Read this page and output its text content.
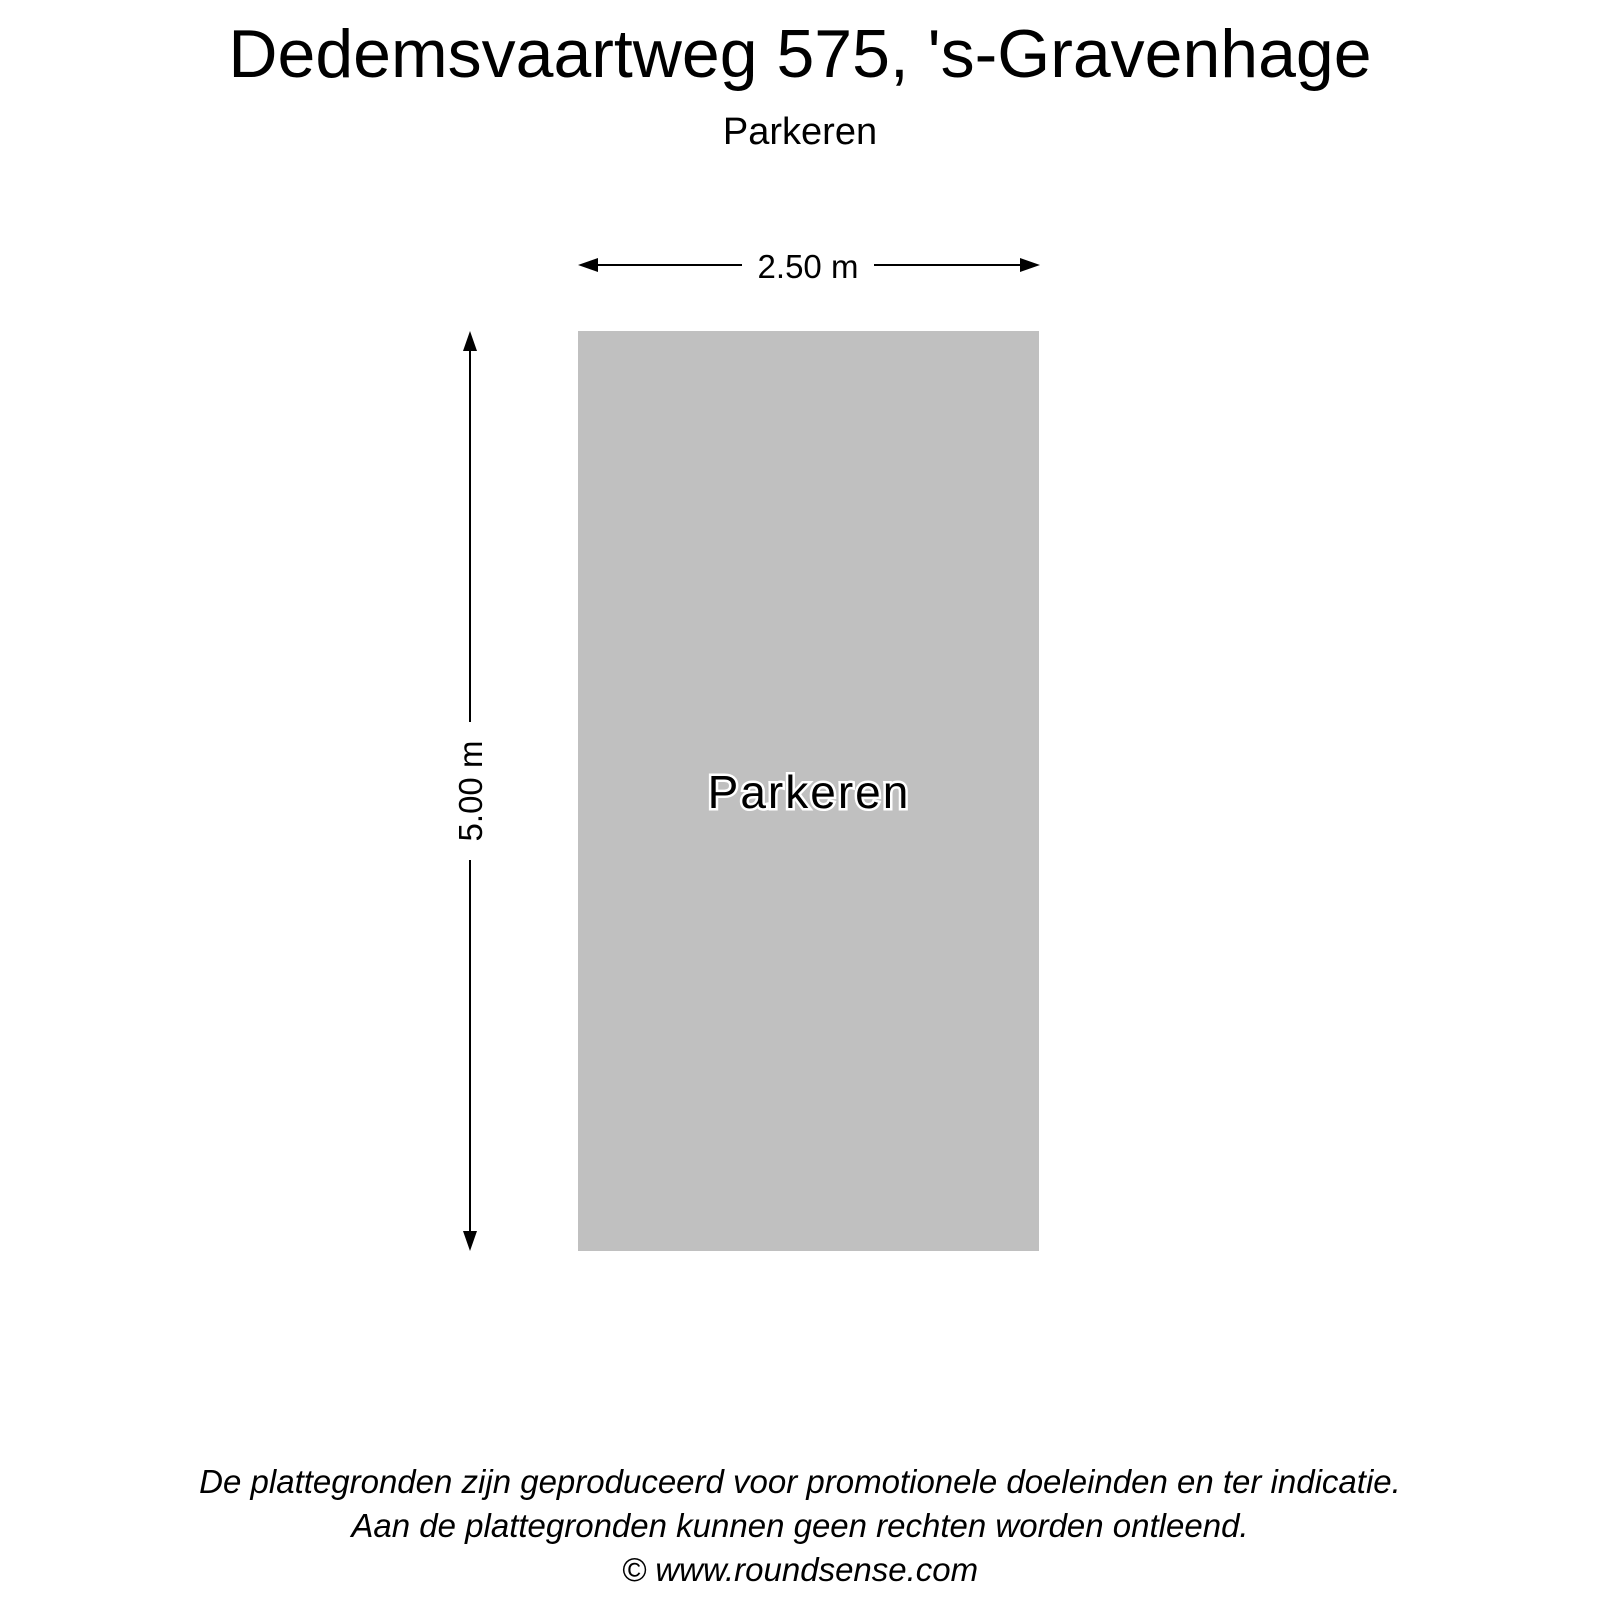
Dedemsvaartweg 575, 's-Gravenhage
Parkeren
2.50 m
5.00 m	Parkeren
De plattegronden zijn geproduceerd voor promotionele doeleinden en ter indicatie.
Aan de plattegronden kunnen geen rechten worden ontleend.
© www.roundsense.com
